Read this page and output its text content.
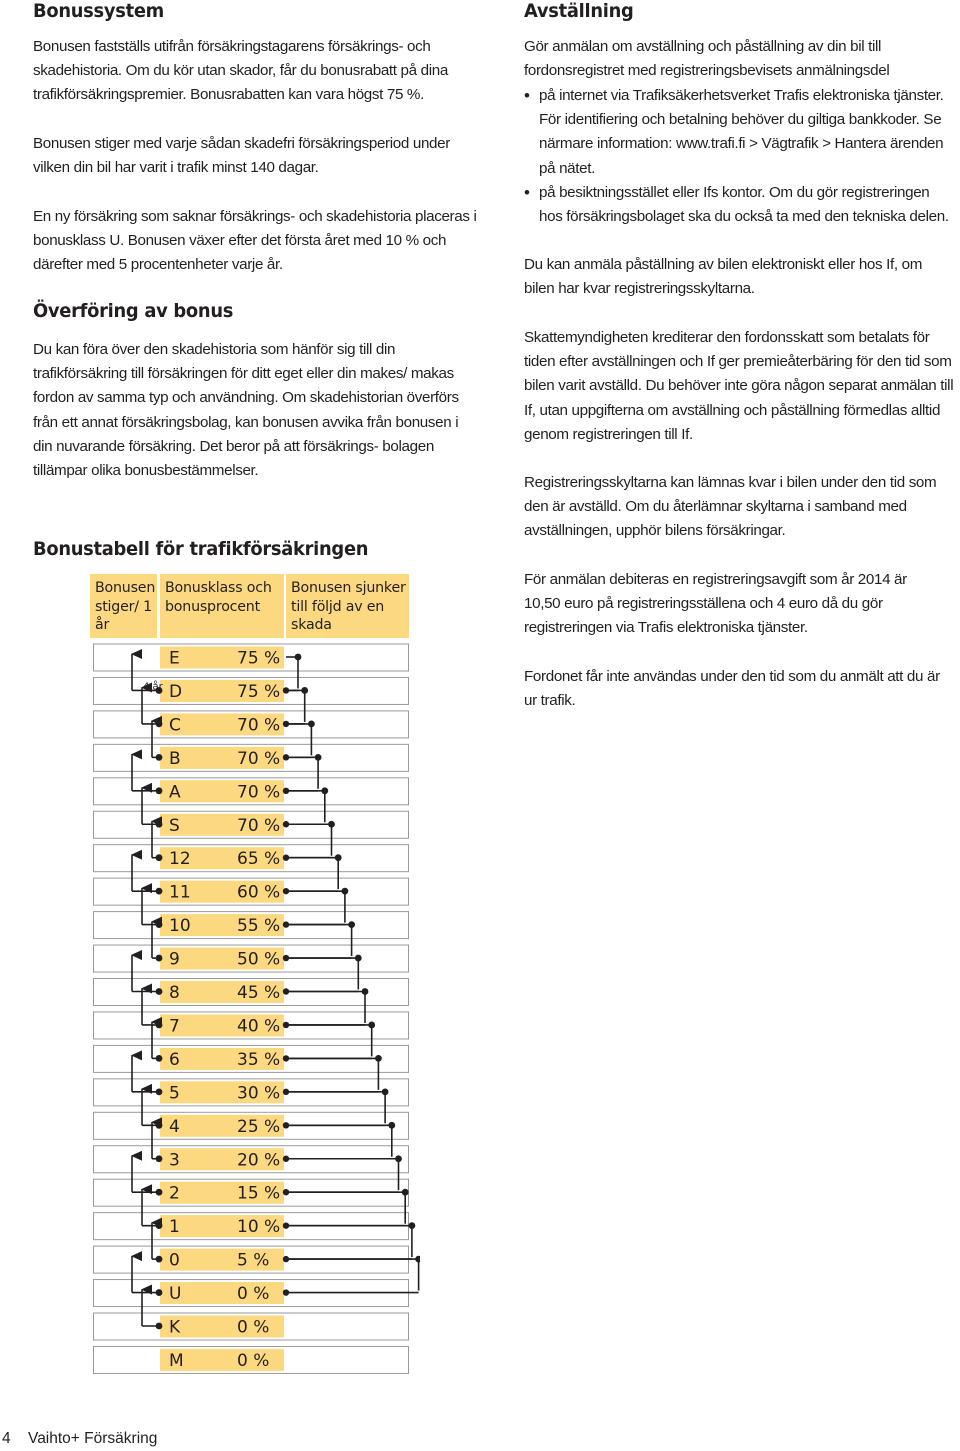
Bonussystem

Bonusen fastställs utifrån försäkringstagarens försäkrings- och skadehistoria. Om du kör utan skador, får du bonusrabatt på dina trafikförsäkringspremier. Bonusrabatten kan vara högst 75 %.

Bonusen stiger med varje sådan skadefri försäkringsperiod under vilken din bil har varit i trafik minst 140 dagar.

En ny försäkring som saknar försäkrings- och skadehistoria placeras i bonusklass U. Bonusen växer efter det första året med 10 % och därefter med 5 procentenheter varje år.

Överföring av bonus

Du kan föra över den skadehistoria som hänför sig till din trafikförsäkring till försäkringen för ditt eget eller din makes/ makas fordon av samma typ och användning. Om skadehistorian överförs från ett annat försäkringsbolag, kan bonusen avvika från bonusen i din nuvarande försäkring. Det beror på att försäkrings- bolagen tillämpar olika bonusbestämmelser.

Bonustabell för trafikförsäkringen
Bonusen stiger/ 1 år
Bonusklass och bonusprocent
Bonusen sjunker till följd av en skada
E	75 %
D	75 %
C	70 %
B	70 %
A	70 %
S	70 %
12	65 %
11	60 %
10	55 %
9	50 %
8	45 %
7	40 %
6	35 %
5	30 %
4	25 %
3	20 %
2	15 %
1	10 %
0	5 %
U	0 %
K	0 %
M	0 %
4 år
Avställning

Gör anmälan om avställning och påställning av din bil till fordonsregistret med registreringsbevisets anmälningsdel

• på internet via Trafiksäkerhetsverket Trafis elektroniska tjänster. För identifiering och betalning behöver du giltiga bankkoder. Se närmare information: www.trafi.fi > Vägtrafik > Hantera ärenden på nätet.
• på besiktningsstället eller Ifs kontor. Om du gör registreringen hos försäkringsbolaget ska du också ta med den tekniska delen.

Du kan anmäla påställning av bilen elektroniskt eller hos If, om bilen har kvar registreringsskyltarna.

Skattemyndigheten krediterar den fordonsskatt som betalats för tiden efter avställningen och If ger premieåterbäring för den tid som bilen varit avställd. Du behöver inte göra någon separat anmälan till If, utan uppgifterna om avställning och påställning förmedlas alltid genom registreringen till If.

Registreringsskyltarna kan lämnas kvar i bilen under den tid som den är avställd. Om du återlämnar skyltarna i samband med avställningen, upphör bilens försäkringar.

För anmälan debiteras en registreringsavgift som år 2014 är 10,50 euro på registreringsställena och 4 euro då du gör registreringen via Trafis elektroniska tjänster.

Fordonet får inte användas under den tid som du anmält att du är ur trafik.

4 Vaihto+ Försäkring
